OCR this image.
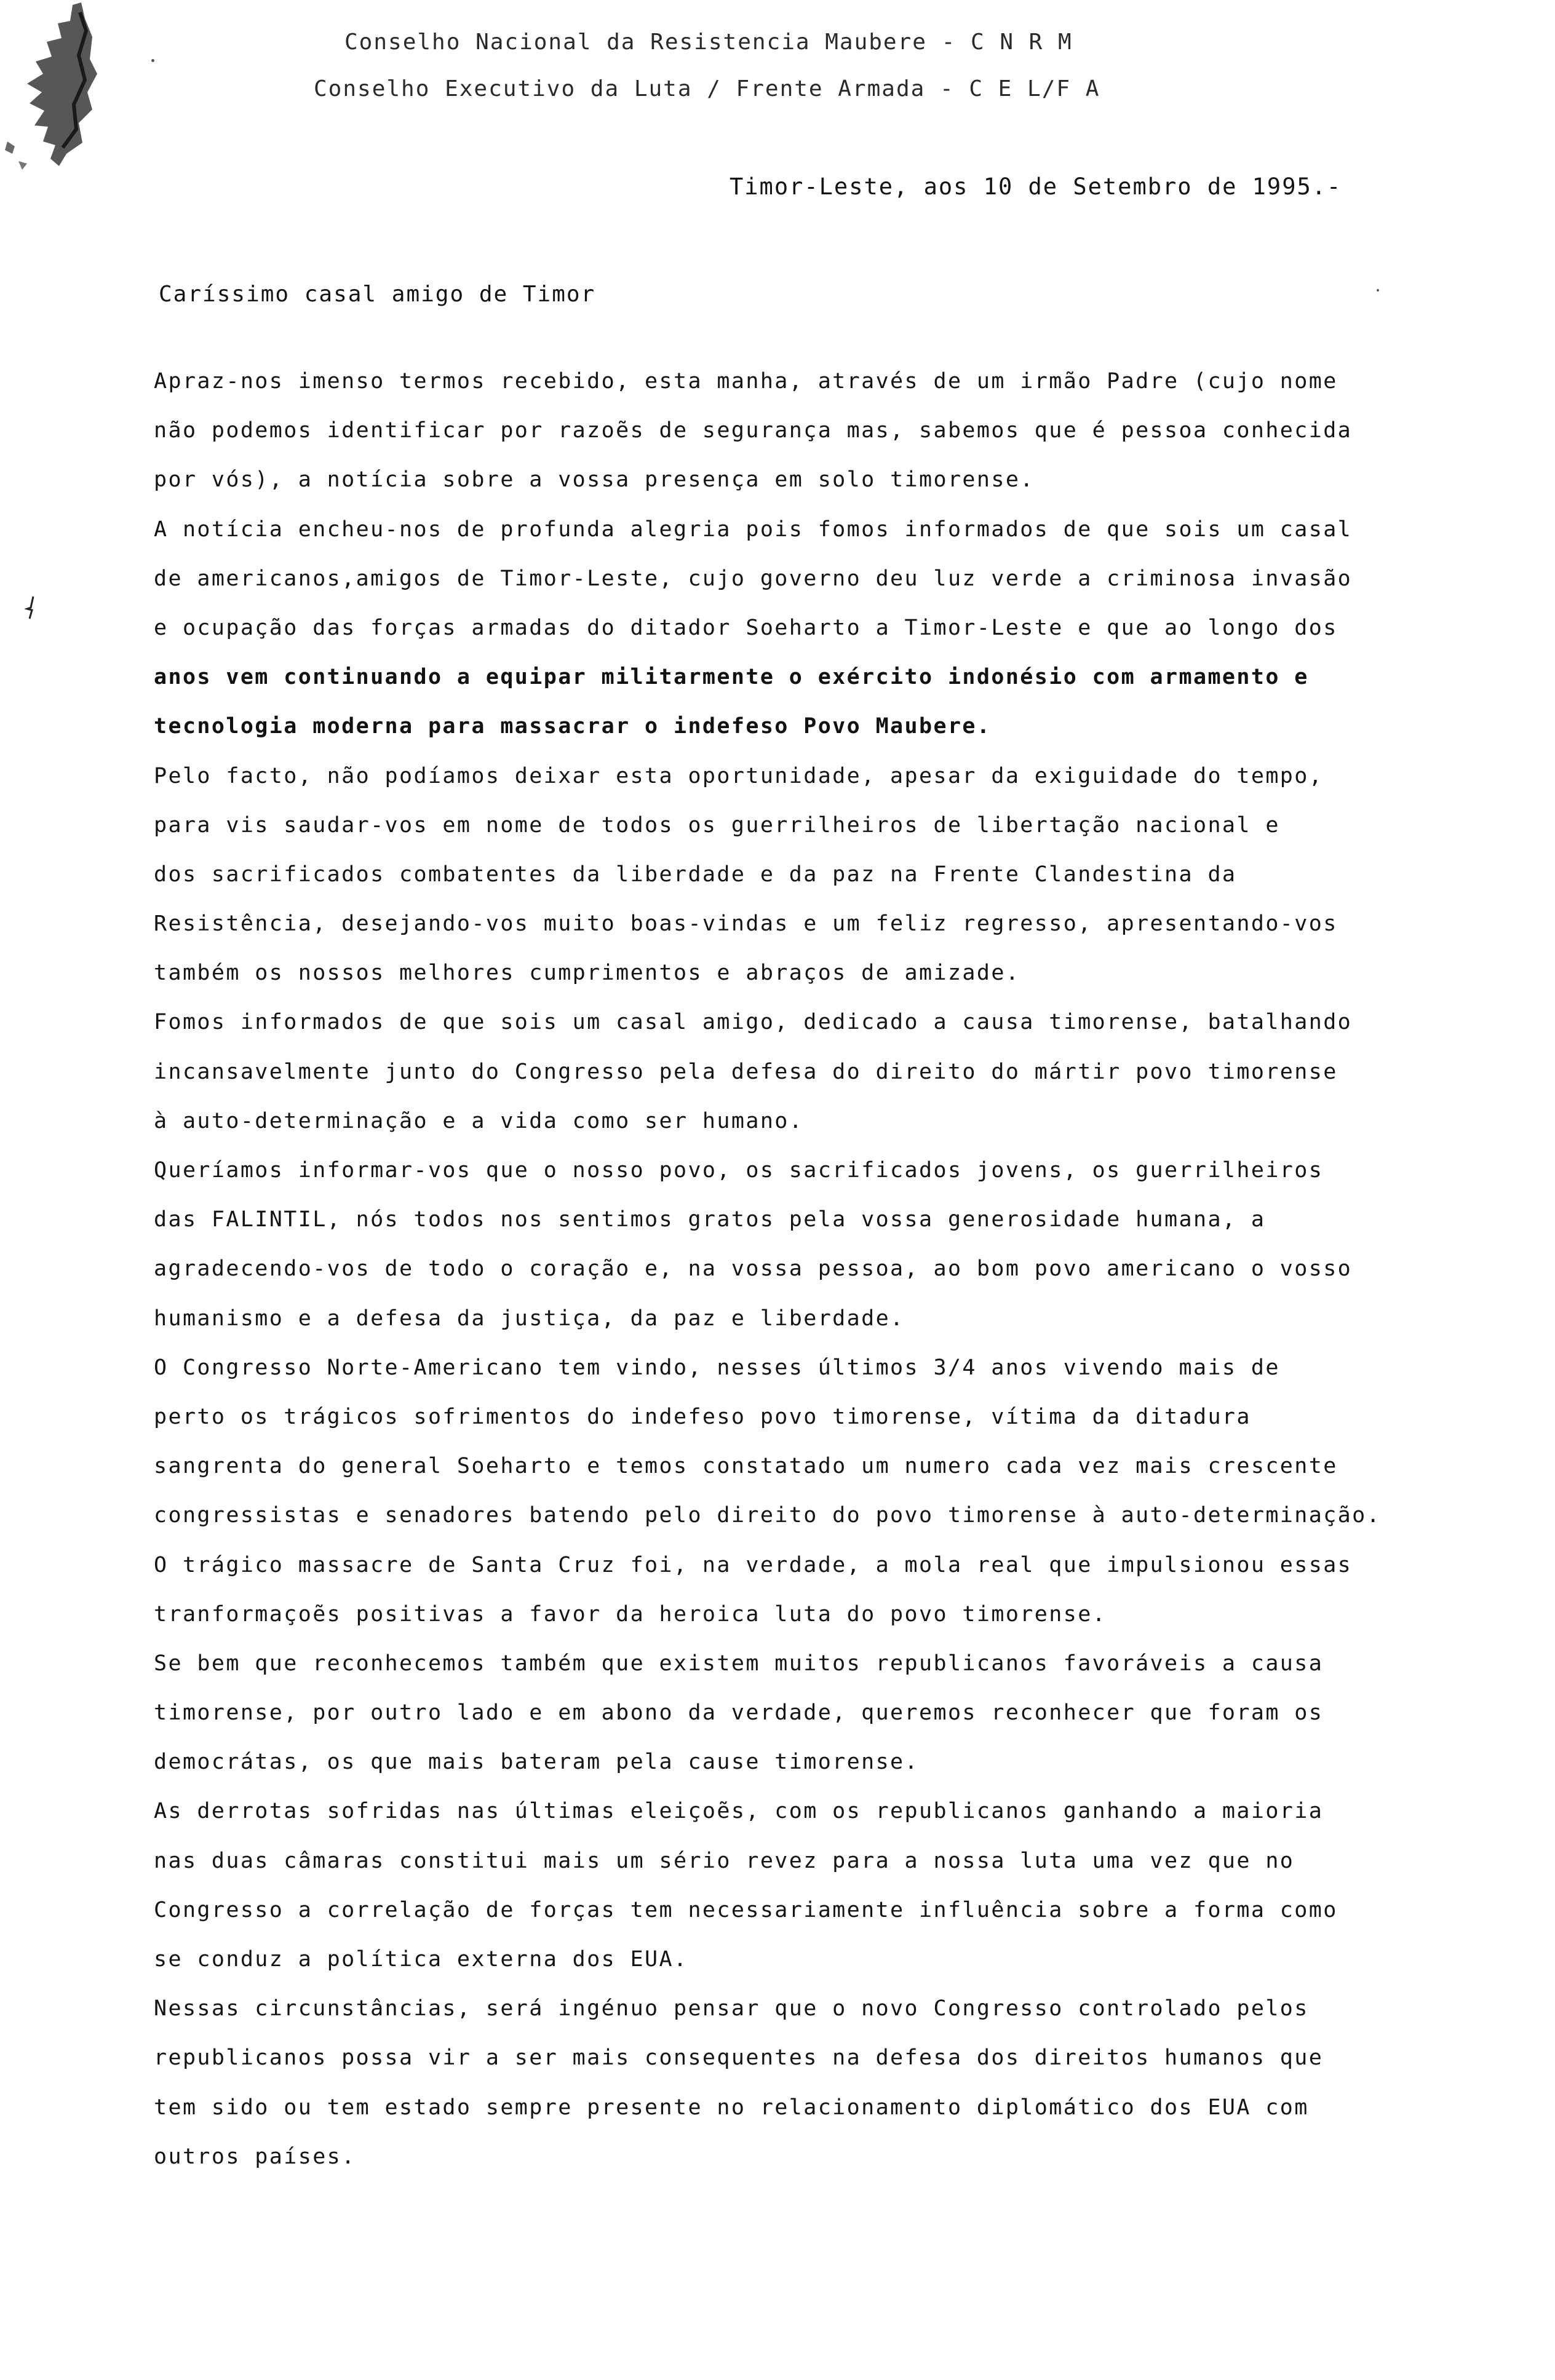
Conselho Nacional da Resistencia Maubere - C N R M
Conselho Executivo da Luta / Frente Armada - C E L/F A
Timor-Leste, aos 10 de Setembro de 1995.-
Caríssimo casal amigo de Timor
Apraz-nos imenso termos recebido, esta manha, através de um irmão Padre (cujo nome
não podemos identificar por razoẽs de segurança mas, sabemos que é pessoa conhecida
por vós), a notícia sobre a vossa presença em solo timorense.
A notícia encheu-nos de profunda alegria pois fomos informados de que sois um casal
de americanos,amigos de Timor-Leste, cujo governo deu luz verde a criminosa invasão
e ocupação das forças armadas do ditador Soeharto a Timor-Leste e que ao longo dos
anos vem continuando a equipar militarmente o exército indonésio com armamento e
tecnologia moderna para massacrar o indefeso Povo Maubere.
Pelo facto, não podíamos deixar esta oportunidade, apesar da exiguidade do tempo,
para vis saudar-vos em nome de todos os guerrilheiros de libertação nacional e
dos sacrificados combatentes da liberdade e da paz na Frente Clandestina da
Resistência, desejando-vos muito boas-vindas e um feliz regresso, apresentando-vos
também os nossos melhores cumprimentos e abraços de amizade.
Fomos informados de que sois um casal amigo, dedicado a causa timorense, batalhando
incansavelmente junto do Congresso pela defesa do direito do mártir povo timorense
à auto-determinação e a vida como ser humano.
Queríamos informar-vos que o nosso povo, os sacrificados jovens, os guerrilheiros
das FALINTIL, nós todos nos sentimos gratos pela vossa generosidade humana, a
agradecendo-vos de todo o coração e, na vossa pessoa, ao bom povo americano o vosso
humanismo e a defesa da justiça, da paz e liberdade.
O Congresso Norte-Americano tem vindo, nesses últimos 3/4 anos vivendo mais de
perto os trágicos sofrimentos do indefeso povo timorense, vítima da ditadura
sangrenta do general Soeharto e temos constatado um numero cada vez mais crescente
congressistas e senadores batendo pelo direito do povo timorense à auto-determinação.
O trágico massacre de Santa Cruz foi, na verdade, a mola real que impulsionou essas
tranformaçoẽs positivas a favor da heroica luta do povo timorense.
Se bem que reconhecemos também que existem muitos republicanos favoráveis a causa
timorense, por outro lado e em abono da verdade, queremos reconhecer que foram os
democrátas, os que mais bateram pela cause timorense.
As derrotas sofridas nas últimas eleiçoẽs, com os republicanos ganhando a maioria
nas duas câmaras constitui mais um sério revez para a nossa luta uma vez que no
Congresso a correlação de forças tem necessariamente influência sobre a forma como
se conduz a política externa dos EUA.
Nessas circunstâncias, será ingénuo pensar que o novo Congresso controlado pelos
republicanos possa vir a ser mais consequentes na defesa dos direitos humanos que
tem sido ou tem estado sempre presente no relacionamento diplomático dos EUA com
outros países.
